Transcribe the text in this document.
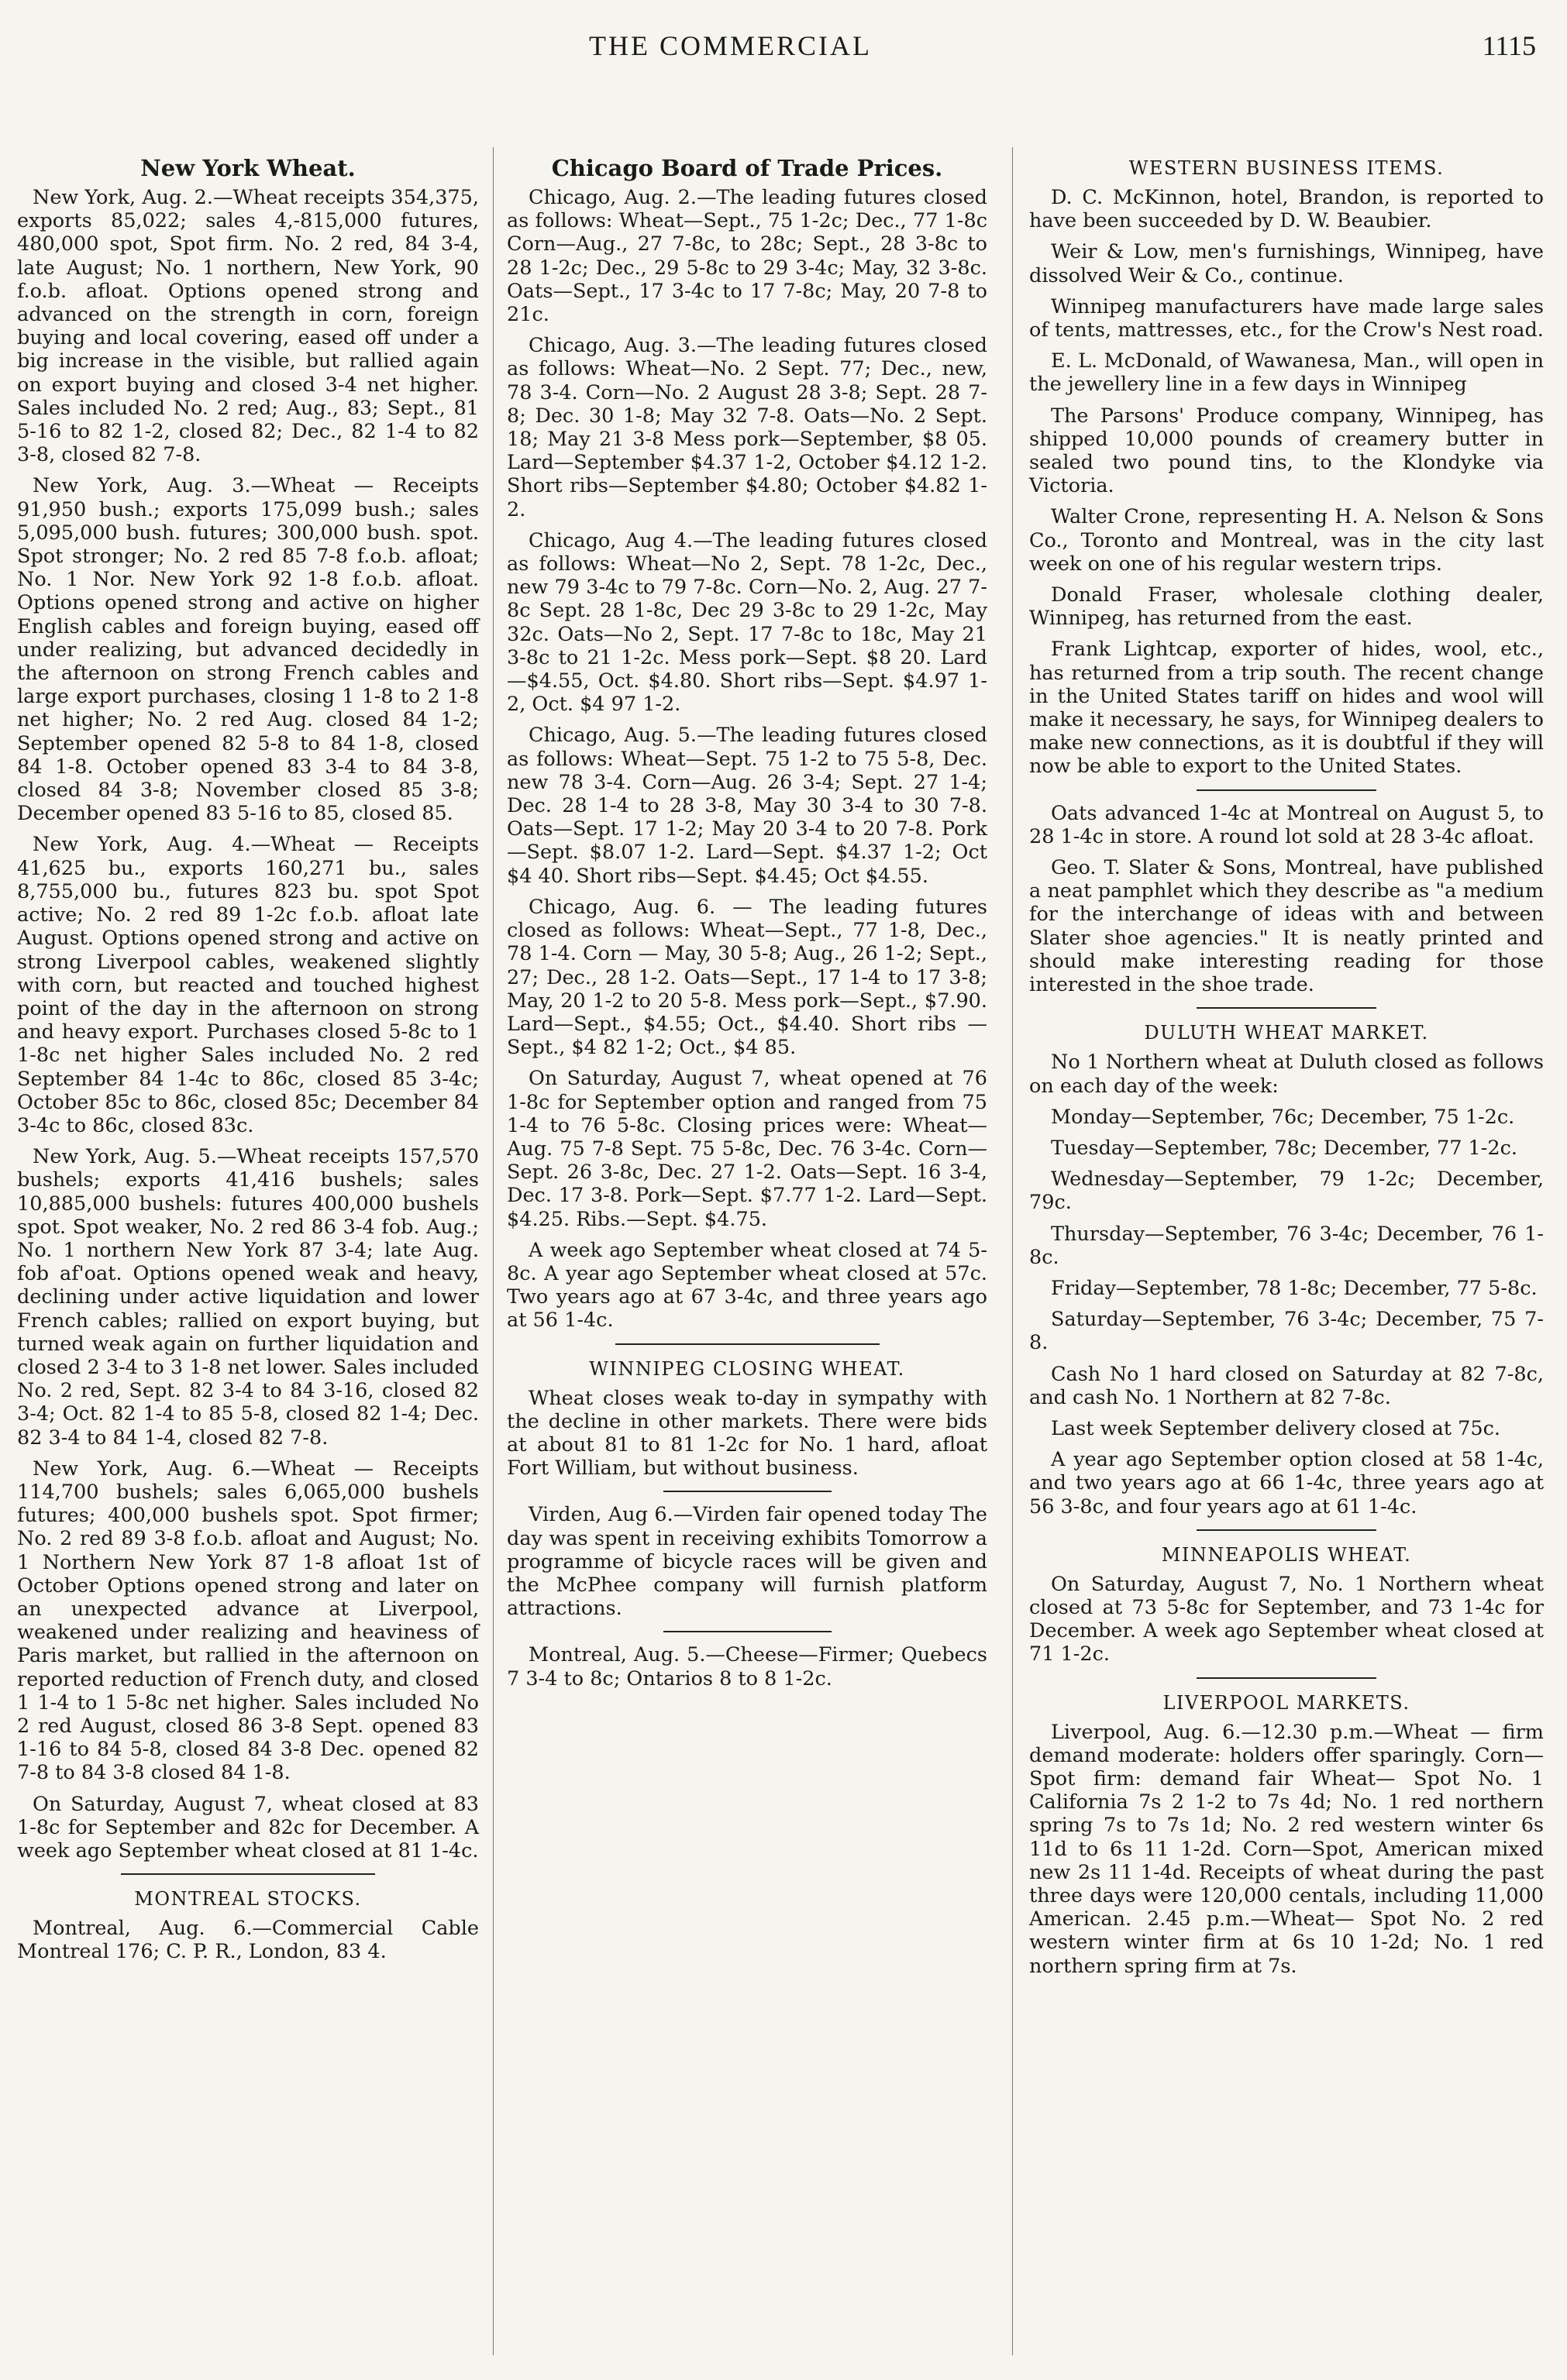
THE COMMERCIAL	1115
New York Wheat.

New York, Aug. 2.—Wheat receipts 354,375, exports 85,022; sales 4,-815,000 futures, 480,000 spot, Spot firm. No. 2 red, 84 3-4, late August; No. 1 northern, New York, 90 f.o.b. afloat. Options opened strong and advanced on the strength in corn, foreign buying and local covering, eased off under a big increase in the visible, but rallied again on export buying and closed 3-4 net higher. Sales included No. 2 red; Aug., 83; Sept., 81 5-16 to 82 1-2, closed 82; Dec., 82 1-4 to 82 3-8, closed 82 7-8.

New York, Aug. 3.—Wheat — Receipts 91,950 bush.; exports 175,099 bush.; sales 5,095,000 bush. futures; 300,000 bush. spot. Spot stronger; No. 2 red 85 7-8 f.o.b. afloat; No. 1 Nor. New York 92 1-8 f.o.b. afloat. Options opened strong and active on higher English cables and foreign buying, eased off under realizing, but advanced decidedly in the afternoon on strong French cables and large export purchases, closing 1 1-8 to 2 1-8 net higher; No. 2 red Aug. closed 84 1-2; September opened 82 5-8 to 84 1-8, closed 84 1-8. October opened 83 3-4 to 84 3-8, closed 84 3-8; November closed 85 3-8; December opened 83 5-16 to 85, closed 85.

New York, Aug. 4.—Wheat — Receipts 41,625 bu., exports 160,271 bu., sales 8,755,000 bu., futures 823 bu. spot Spot active; No. 2 red 89 1-2c f.o.b. afloat late August. Options opened strong and active on strong Liverpool cables, weakened slightly with corn, but reacted and touched highest point of the day in the afternoon on strong and heavy export. Purchases closed 5-8c to 1 1-8c net higher Sales included No. 2 red September 84 1-4c to 86c, closed 85 3-4c; October 85c to 86c, closed 85c; December 84 3-4c to 86c, closed 83c.

New York, Aug. 5.—Wheat receipts 157,570 bushels; exports 41,416 bushels; sales 10,885,000 bushels: futures 400,000 bushels spot. Spot weaker, No. 2 red 86 3-4 fob. Aug.; No. 1 northern New York 87 3-4; late Aug. fob af'oat. Options opened weak and heavy, declining under active liquidation and lower French cables; rallied on export buying, but turned weak again on further liquidation and closed 2 3-4 to 3 1-8 net lower. Sales included No. 2 red, Sept. 82 3-4 to 84 3-16, closed 82 3-4; Oct. 82 1-4 to 85 5-8, closed 82 1-4; Dec. 82 3-4 to 84 1-4, closed 82 7-8.

New York, Aug. 6.—Wheat — Receipts 114,700 bushels; sales 6,065,000 bushels futures; 400,000 bushels spot. Spot firmer; No. 2 red 89 3-8 f.o.b. afloat and August; No. 1 Northern New York 87 1-8 afloat 1st of October Options opened strong and later on an unexpected advance at Liverpool, weakened under realizing and heaviness of Paris market, but rallied in the afternoon on reported reduction of French duty, and closed 1 1-4 to 1 5-8c net higher. Sales included No 2 red August, closed 86 3-8 Sept. opened 83 1-16 to 84 5-8, closed 84 3-8 Dec. opened 82 7-8 to 84 3-8 closed 84 1-8.

On Saturday, August 7, wheat closed at 83 1-8c for September and 82c for December. A week ago September wheat closed at 81 1-4c.

MONTREAL STOCKS.

Montreal, Aug. 6.—Commercial Cable Montreal 176; C. P. R., London, 83 4.

Chicago Board of Trade Prices.

Chicago, Aug. 2.—The leading futures closed as follows: Wheat—Sept., 75 1-2c; Dec., 77 1-8c Corn—Aug., 27 7-8c, to 28c; Sept., 28 3-8c to 28 1-2c; Dec., 29 5-8c to 29 3-4c; May, 32 3-8c. Oats—Sept., 17 3-4c to 17 7-8c; May, 20 7-8 to 21c.

Chicago, Aug. 3.—The leading futures closed as follows: Wheat—No. 2 Sept. 77; Dec., new, 78 3-4. Corn—No. 2 August 28 3-8; Sept. 28 7-8; Dec. 30 1-8; May 32 7-8. Oats—No. 2 Sept. 18; May 21 3-8 Mess pork—September, $8 05. Lard—September $4.37 1-2, October $4.12 1-2. Short ribs—September $4.80; October $4.82 1-2.

Chicago, Aug 4.—The leading futures closed as follows: Wheat—No 2, Sept. 78 1-2c, Dec., new 79 3-4c to 79 7-8c. Corn—No. 2, Aug. 27 7-8c Sept. 28 1-8c, Dec 29 3-8c to 29 1-2c, May 32c. Oats—No 2, Sept. 17 7-8c to 18c, May 21 3-8c to 21 1-2c. Mess pork—Sept. $8 20. Lard—$4.55, Oct. $4.80. Short ribs—Sept. $4.97 1-2, Oct. $4 97 1-2.

Chicago, Aug. 5.—The leading futures closed as follows: Wheat—Sept. 75 1-2 to 75 5-8, Dec. new 78 3-4. Corn—Aug. 26 3-4; Sept. 27 1-4; Dec. 28 1-4 to 28 3-8, May 30 3-4 to 30 7-8. Oats—Sept. 17 1-2; May 20 3-4 to 20 7-8. Pork—Sept. $8.07 1-2. Lard—Sept. $4.37 1-2; Oct $4 40. Short ribs—Sept. $4.45; Oct $4.55.

Chicago, Aug. 6. — The leading futures closed as follows: Wheat—Sept., 77 1-8, Dec., 78 1-4. Corn — May, 30 5-8; Aug., 26 1-2; Sept., 27; Dec., 28 1-2. Oats—Sept., 17 1-4 to 17 3-8; May, 20 1-2 to 20 5-8. Mess pork—Sept., $7.90. Lard—Sept., $4.55; Oct., $4.40. Short ribs — Sept., $4 82 1-2; Oct., $4 85.

On Saturday, August 7, wheat opened at 76 1-8c for September option and ranged from 75 1-4 to 76 5-8c. Closing prices were: Wheat—Aug. 75 7-8 Sept. 75 5-8c, Dec. 76 3-4c. Corn—Sept. 26 3-8c, Dec. 27 1-2. Oats—Sept. 16 3-4, Dec. 17 3-8. Pork—Sept. $7.77 1-2. Lard—Sept. $4.25. Ribs.—Sept. $4.75.

A week ago September wheat closed at 74 5-8c. A year ago September wheat closed at 57c. Two years ago at 67 3-4c, and three years ago at 56 1-4c.

WINNIPEG CLOSING WHEAT.

Wheat closes weak to-day in sympathy with the decline in other markets. There were bids at about 81 to 81 1-2c for No. 1 hard, afloat Fort William, but without business.

Virden, Aug 6.—Virden fair opened today The day was spent in receiving exhibits Tomorrow a programme of bicycle races will be given and the McPhee company will furnish platform attractions.

Montreal, Aug. 5.—Cheese—Firmer; Quebecs 7 3-4 to 8c; Ontarios 8 to 8 1-2c.

WESTERN BUSINESS ITEMS.

D. C. McKinnon, hotel, Brandon, is reported to have been succeeded by D. W. Beaubier.

Weir & Low, men's furnishings, Winnipeg, have dissolved Weir & Co., continue.

Winnipeg manufacturers have made large sales of tents, mattresses, etc., for the Crow's Nest road.

E. L. McDonald, of Wawanesa, Man., will open in the jewellery line in a few days in Winnipeg

The Parsons' Produce company, Winnipeg, has shipped 10,000 pounds of creamery butter in sealed two pound tins, to the Klondyke via Victoria.

Walter Crone, representing H. A. Nelson & Sons Co., Toronto and Montreal, was in the city last week on one of his regular western trips.

Donald Fraser, wholesale clothing dealer, Winnipeg, has returned from the east.

Frank Lightcap, exporter of hides, wool, etc., has returned from a trip south. The recent change in the United States tariff on hides and wool will make it necessary, he says, for Winnipeg dealers to make new connections, as it is doubtful if they will now be able to export to the United States.

Oats advanced 1-4c at Montreal on August 5, to 28 1-4c in store. A round lot sold at 28 3-4c afloat.

Geo. T. Slater & Sons, Montreal, have published a neat pamphlet which they describe as "a medium for the interchange of ideas with and between Slater shoe agencies." It is neatly printed and should make interesting reading for those interested in the shoe trade.

DULUTH WHEAT MARKET.

No 1 Northern wheat at Duluth closed as follows on each day of the week:

Monday—September, 76c; December, 75 1-2c.

Tuesday—September, 78c; December, 77 1-2c.

Wednesday—September, 79 1-2c; December, 79c.

Thursday—September, 76 3-4c; December, 76 1-8c.

Friday—September, 78 1-8c; December, 77 5-8c.

Saturday—September, 76 3-4c; December, 75 7-8.

Cash No 1 hard closed on Saturday at 82 7-8c, and cash No. 1 Northern at 82 7-8c.

Last week September delivery closed at 75c.

A year ago September option closed at 58 1-4c, and two years ago at 66 1-4c, three years ago at 56 3-8c, and four years ago at 61 1-4c.

MINNEAPOLIS WHEAT.

On Saturday, August 7, No. 1 Northern wheat closed at 73 5-8c for September, and 73 1-4c for December. A week ago September wheat closed at 71 1-2c.

LIVERPOOL MARKETS.

Liverpool, Aug. 6.—12.30 p.m.—Wheat — firm demand moderate: holders offer sparingly. Corn— Spot firm: demand fair Wheat— Spot No. 1 California 7s 2 1-2 to 7s 4d; No. 1 red northern spring 7s to 7s 1d; No. 2 red western winter 6s 11d to 6s 11 1-2d. Corn—Spot, American mixed new 2s 11 1-4d. Receipts of wheat during the past three days were 120,000 centals, including 11,000 American. 2.45 p.m.—Wheat— Spot No. 2 red western winter firm at 6s 10 1-2d; No. 1 red northern spring firm at 7s.
